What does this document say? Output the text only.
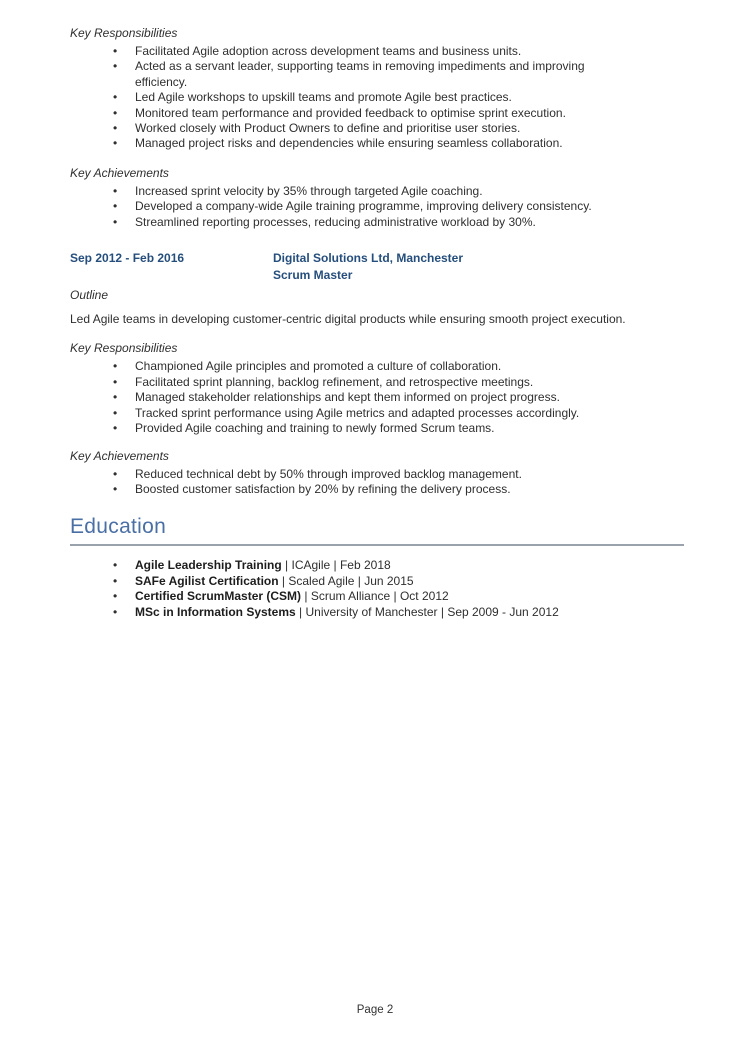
Key Responsibilities
•	Facilitated Agile adoption across development teams and business units.
•	Acted as a servant leader, supporting teams in removing impediments and improving efficiency.
•	Led Agile workshops to upskill teams and promote Agile best practices.
•	Monitored team performance and provided feedback to optimise sprint execution.
•	Worked closely with Product Owners to define and prioritise user stories.
•	Managed project risks and dependencies while ensuring seamless collaboration.
Key Achievements
•	Increased sprint velocity by 35% through targeted Agile coaching.
•	Developed a company-wide Agile training programme, improving delivery consistency.
•	Streamlined reporting processes, reducing administrative workload by 30%.
Sep 2012 - Feb 2016	Digital Solutions Ltd, Manchester
Scrum Master
Outline
Led Agile teams in developing customer-centric digital products while ensuring smooth project execution.
Key Responsibilities
•	Championed Agile principles and promoted a culture of collaboration.
•	Facilitated sprint planning, backlog refinement, and retrospective meetings.
•	Managed stakeholder relationships and kept them informed on project progress.
•	Tracked sprint performance using Agile metrics and adapted processes accordingly.
•	Provided Agile coaching and training to newly formed Scrum teams.
Key Achievements
•	Reduced technical debt by 50% through improved backlog management.
•	Boosted customer satisfaction by 20% by refining the delivery process.
Education
•	Agile Leadership Training | ICAgile | Feb 2018
•	SAFe Agilist Certification | Scaled Agile | Jun 2015
•	Certified ScrumMaster (CSM) | Scrum Alliance | Oct 2012
•	MSc in Information Systems | University of Manchester | Sep 2009 - Jun 2012
Page 2
